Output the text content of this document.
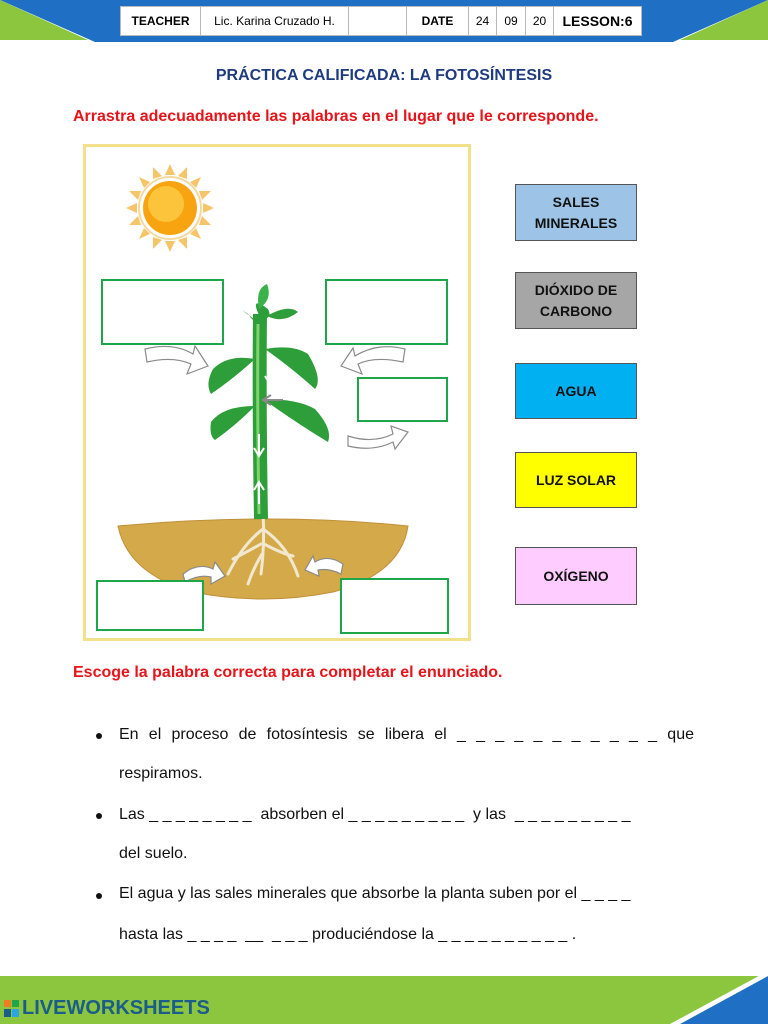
TEACHER	Lic. Karina Cruzado H.	DATE	24	09	20	LESSON:6
PRÁCTICA CALIFICADA: LA FOTOSÍNTESIS
Arrastra adecuadamente las palabras en el lugar que le corresponde.
SALES
MINERALES
DIÓXIDO DE
CARBONO
AGUA
LUZ SOLAR
OXÍGENO
Escoge la palabra correcta para completar el enunciado.
En el proceso de fotosíntesis se libera el _ _ _ _ _ _ _ _ _ _ _ que
respiramos.
Las _ _ _ _ _ _ _ _  absorben el _ _ _ _ _ _ _ _ _  y las  _ _ _ _ _ _ _ _ _
del suelo.
El agua y las sales minerales que absorbe la planta suben por el _ _ _ _
hasta las _ _ _ _  __  _ _ _ produciéndose la _ _ _ _ _ _ _ _ _ _ .
LIVEWORKSHEETS
